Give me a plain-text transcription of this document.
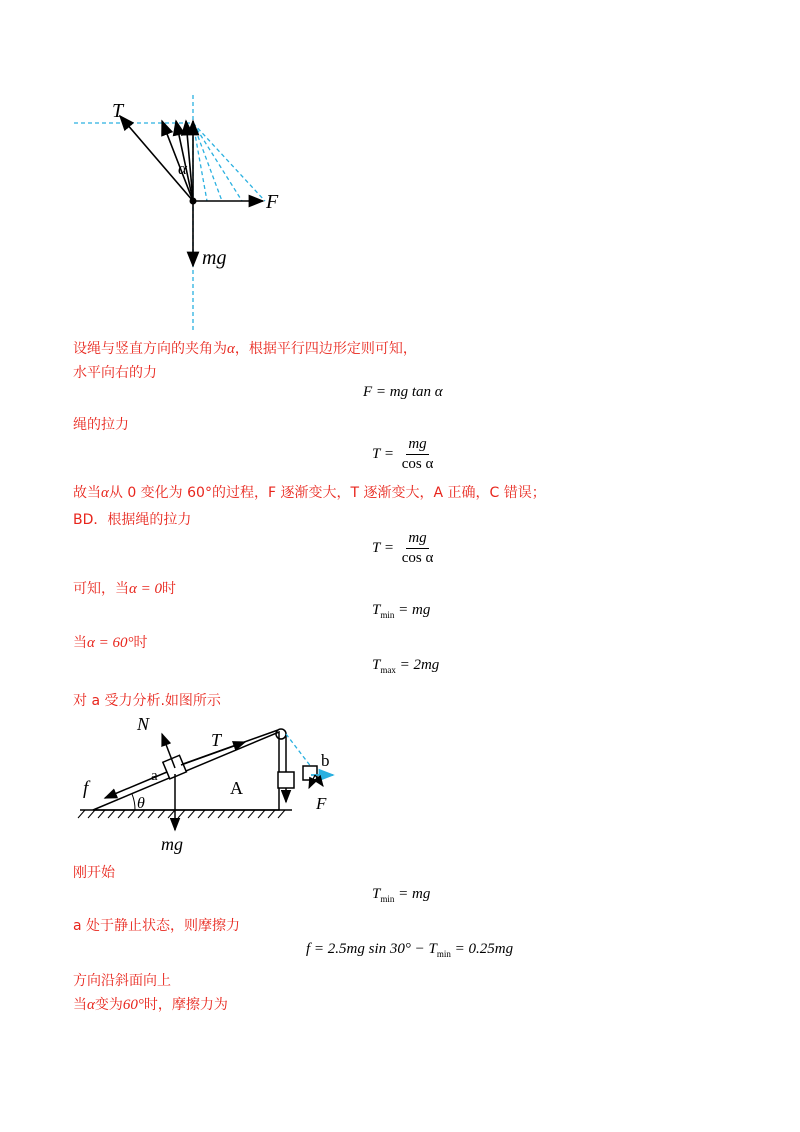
T
α
F
mg
设绳与竖直方向的夹角为α，根据平行四边形定则可知，
水平向右的力
F = mg tan α
绳的拉力
$T = \frac{mg}{\text{cos α}}$
故当α从 0 变化为 60°的过程，F 逐渐变大，T 逐渐变大，A 正确，C 错误；
BD．根据绳的拉力
$T = \frac{mg}{\text{cos α}}$
可知，当α = 0时
$T_{min}$ = mg
当α = 60°时
$T_{max} = 2mg$
对 a 受力分析.如图所示
N
T
a
f
θ
A
b
F
mg
刚开始
$T_{min}$ = mg
a 处于静止状态，则摩擦力
f = 2.5mg $\sin 30^\circ - T_{min} = 0.25mg$
方向沿斜面向上
当α变为60°时，摩擦力为
